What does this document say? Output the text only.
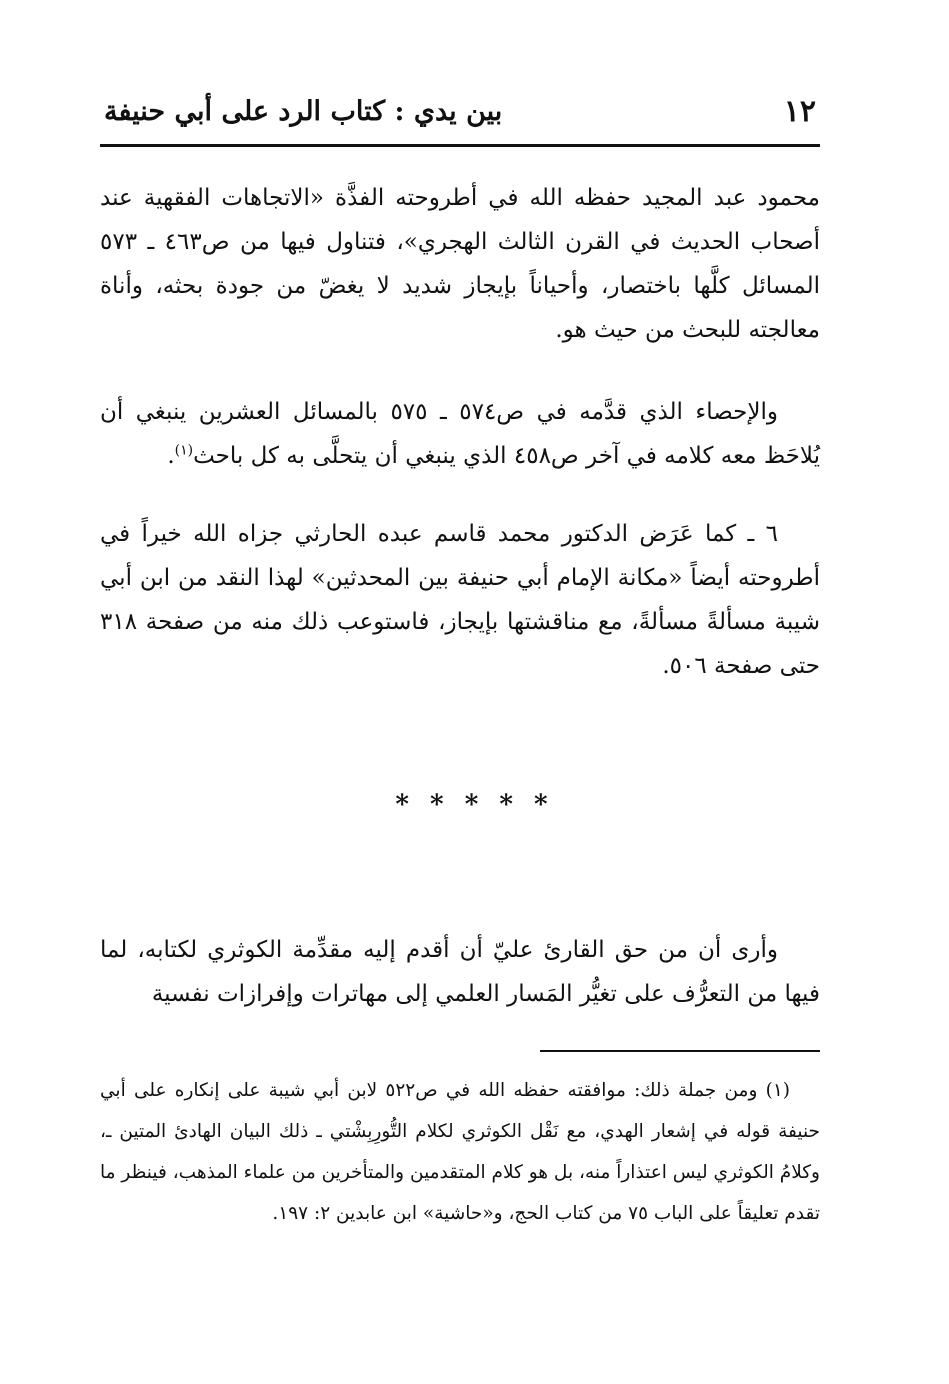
١٢
بين يدي : كتاب الرد على أبي حنيفة

محمود عبد المجيد حفظه الله في أطروحته الفذَّة «الاتجاهات الفقهية عند أصحاب الحديث في القرن الثالث الهجري»، فتناول فيها من ص٤٦٣ ـ ٥٧٣ المسائل كلَّها باختصار، وأحياناً بإيجاز شديد لا يغضّ من جودة بحثه، وأناة معالجته للبحث من حيث هو.

والإحصاء الذي قدَّمه في ص٥٧٤ ـ ٥٧٥ بالمسائل العشرين ينبغي أن يُلاحَظ معه كلامه في آخر ص٤٥٨ الذي ينبغي أن يتحلَّى به كل باحث$^{(١)}$.

٦ ـ كما عَرَض الدكتور محمد قاسم عبده الحارثي جزاه الله خيراً في أطروحته أيضاً «مكانة الإمام أبي حنيفة بين المحدثين» لهذا النقد من ابن أبي شيبة مسألةً مسألةً، مع مناقشتها بإيجاز، فاستوعب ذلك منه من صفحة ٣١٨ حتى صفحة ٥٠٦.

* * * * *

وأرى أن من حق القارئ عليّ أن أقدم إليه مقدِّمة الكوثري لكتابه، لما فيها من التعرُّف على تغيُّر المَسار العلمي إلى مهاترات وإفرازات نفسية

(١) ومن جملة ذلك: موافقته حفظه الله في ص٥٢٢ لابن أبي شيبة على إنكاره على أبي حنيفة قوله في إشعار الهدي، مع نَقْل الكوثري لكلام التُّورِبِشْتي ـ ذلك البيان الهادئ المتين ـ، وكلامُ الكوثري ليس اعتذاراً منه، بل هو كلام المتقدمين والمتأخرين من علماء المذهب، فينظر ما تقدم تعليقاً على الباب ٧٥ من كتاب الحج، و«حاشية» ابن عابدين ٢: ١٩٧.
